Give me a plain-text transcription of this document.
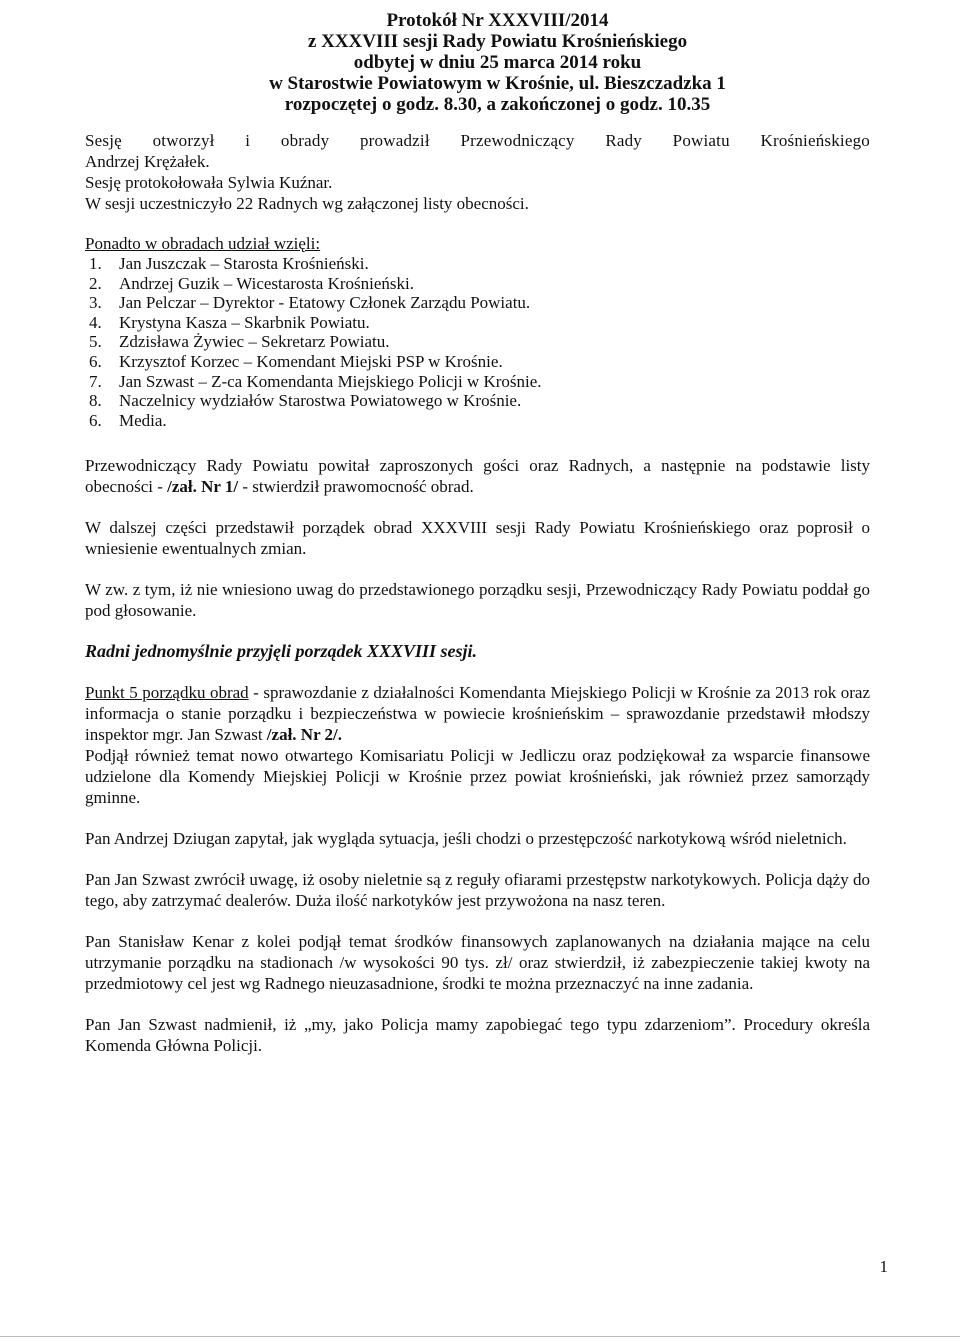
Protokół Nr XXXVIII/2014
z XXXVIII sesji Rady Powiatu Krośnieńskiego
odbytej w dniu 25 marca 2014 roku
w Starostwie Powiatowym w Krośnie, ul. Bieszczadzka 1
rozpoczętej o godz. 8.30, a zakończonej o godz. 10.35

Sesję otworzył i obrady prowadził Przewodniczący Rady Powiatu Krośnieńskiego

Andrzej Krężałek.

Sesję protokołowała Sylwia Kuźnar.

W sesji uczestniczyło 22 Radnych wg załączonej listy obecności.

Ponadto w obradach udział wzięli:
1.	Jan Juszczak – Starosta Krośnieński.
2.	Andrzej Guzik – Wicestarosta Krośnieński.
3.	Jan Pelczar – Dyrektor - Etatowy Członek Zarządu Powiatu.
4.	Krystyna Kasza – Skarbnik Powiatu.
5.	Zdzisława Żywiec – Sekretarz Powiatu.
6.	Krzysztof Korzec – Komendant Miejski PSP w Krośnie.
7.	Jan Szwast – Z-ca Komendanta Miejskiego Policji w Krośnie.
8.	Naczelnicy wydziałów Starostwa Powiatowego w Krośnie.
6.	Media.

Przewodniczący Rady Powiatu powitał zaproszonych gości oraz Radnych, a następnie na podstawie listy obecności - /zał. Nr 1/ - stwierdził prawomocność obrad.

W dalszej części przedstawił porządek obrad XXXVIII sesji Rady Powiatu Krośnieńskiego oraz poprosił o wniesienie ewentualnych zmian.

W zw. z tym, iż nie wniesiono uwag do przedstawionego porządku sesji, Przewodniczący Rady Powiatu poddał go pod głosowanie.

Radni jednomyślnie przyjęli porządek XXXVIII sesji.

Punkt 5 porządku obrad - sprawozdanie z działalności Komendanta Miejskiego Policji w Krośnie za 2013 rok oraz informacja o stanie porządku i bezpieczeństwa w powiecie krośnieńskim – sprawozdanie przedstawił młodszy inspektor mgr. Jan Szwast /zał. Nr 2/.

Podjął również temat nowo otwartego Komisariatu Policji w Jedliczu oraz podziękował za wsparcie finansowe udzielone dla Komendy Miejskiej Policji w Krośnie przez powiat krośnieński, jak również przez samorządy gminne.

Pan Andrzej Dziugan zapytał, jak wygląda sytuacja, jeśli chodzi o przestępczość narkotykową wśród nieletnich.

Pan Jan Szwast zwrócił uwagę, iż osoby nieletnie są z reguły ofiarami przestępstw narkotykowych. Policja dąży do tego, aby zatrzymać dealerów. Duża ilość narkotyków jest przywożona na nasz teren.

Pan Stanisław Kenar z kolei podjął temat środków finansowych zaplanowanych na działania mające na celu utrzymanie porządku na stadionach /w wysokości 90 tys. zł/ oraz stwierdził, iż zabezpieczenie takiej kwoty na przedmiotowy cel jest wg Radnego nieuzasadnione, środki te można przeznaczyć na inne zadania.

Pan Jan Szwast nadmienił, iż „my, jako Policja mamy zapobiegać tego typu zdarzeniom”. Procedury określa Komenda Główna Policji.

1
